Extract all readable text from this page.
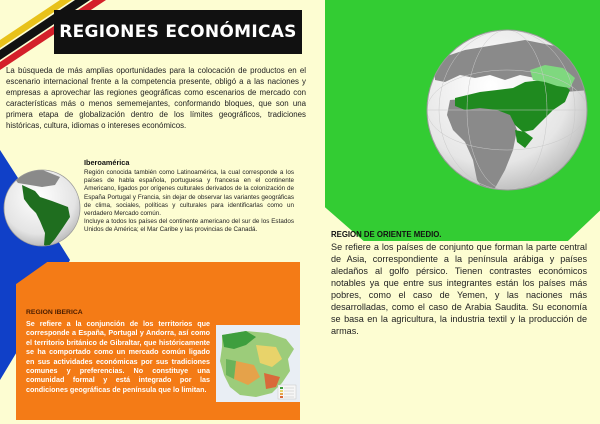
REGIONES ECONÓMICAS
La búsqueda de más amplias oportunidades para la colocación de productos en el escenario internacional frente a la competencia presente, obligó a a las naciones y empresas a aprovechar las regiones geográficas como escenarios de mercado con características más o menos sememejantes, conformando bloques, que son una primera etapa de globalización dentro de los límites geográficos, tradiciones históricas, cultura, idiomas o intereses económicos.
Iberoamérica
Región conocida también como Latinoamérica, la cual corresponde a los países de habla española, portuguesa y francesa en el continente Americano, ligados por orígenes culturales derivados de la colonización de España Portugal y Francia, sin dejar de observar las variantes geográficas de clima, sociales, políticas y culturales para identificarlas como un verdadero Mercado común.
Incluye a todos los países del continente americano del sur de los Estados Unidos de América; el Mar Caribe y las provincias de Canadá.
REGION IBERICA
Se refiere a la conjunción de los territorios que corresponde a España, Portugal y Andorra, así como el territorio británico de Gibraltar, que históricamente se ha comportado como un mercado común ligado en sus actividades económicas por sus tradiciones comunes y preferencias. No constituye una comunidad formal y está integrado por las condiciones geográficas de península que lo limitan.
REGION DE ORIENTE MEDIO.
Se refiere a los países de conjunto que forman la parte central de Asia, correspondiente a la península arábiga y países aledaños al golfo pérsico. Tienen contrastes económicos notables ya que entre sus integrantes están los países más pobres, como el caso de Yemen, y las naciones más desarrolladas, como el caso de Arabia Saudita. Su economía se basa en la agricultura, la industria textil y la producción de armas.
